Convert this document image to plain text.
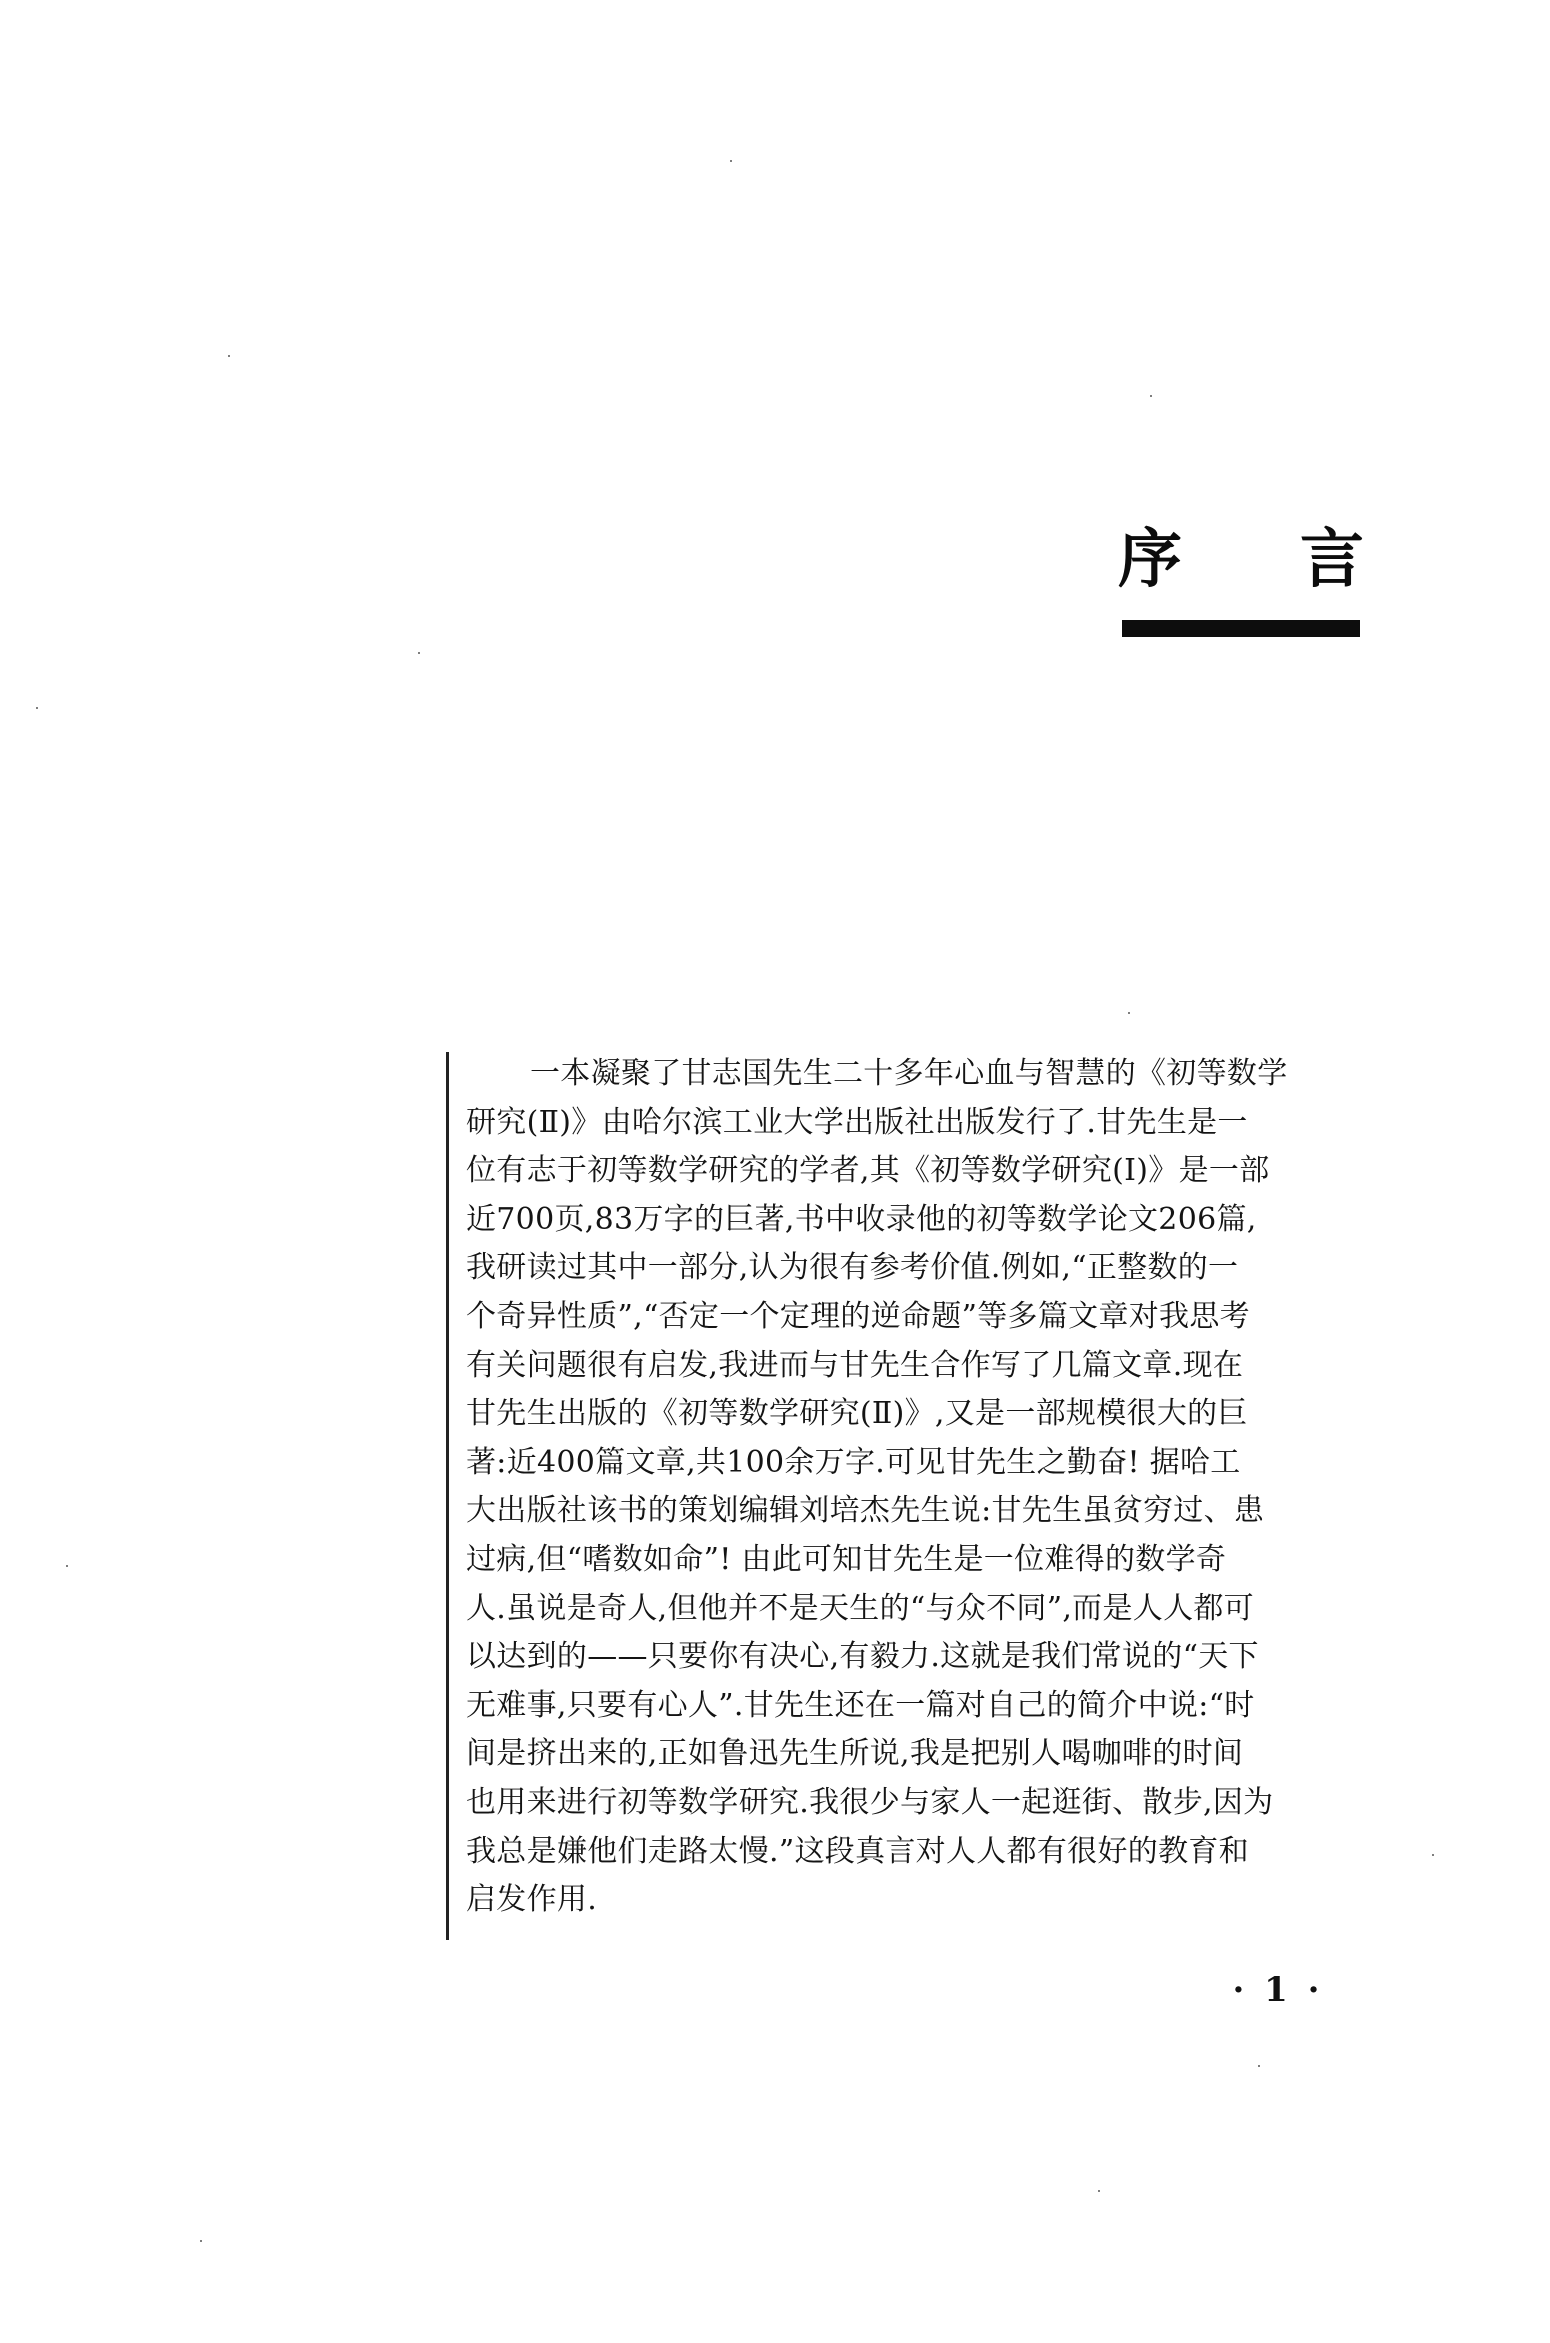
序 言
一本凝聚了甘志国先生二十多年心血与智慧的《初等数学
研究(Ⅱ)》由哈尔滨工业大学出版社出版发行了.甘先生是一
位有志于初等数学研究的学者,其《初等数学研究(Ⅰ)》是一部
近700页,83万字的巨著,书中收录他的初等数学论文206篇,
我研读过其中一部分,认为很有参考价值.例如,“正整数的一
个奇异性质”,“否定一个定理的逆命题”等多篇文章对我思考
有关问题很有启发,我进而与甘先生合作写了几篇文章.现在
甘先生出版的《初等数学研究(Ⅱ)》,又是一部规模很大的巨
著:近400篇文章,共100余万字.可见甘先生之勤奋! 据哈工
大出版社该书的策划编辑刘培杰先生说:甘先生虽贫穷过、患
过病,但“嗜数如命”! 由此可知甘先生是一位难得的数学奇
人.虽说是奇人,但他并不是天生的“与众不同”,而是人人都可
以达到的——只要你有决心,有毅力.这就是我们常说的“天下
无难事,只要有心人”.甘先生还在一篇对自己的简介中说:“时
间是挤出来的,正如鲁迅先生所说,我是把别人喝咖啡的时间
也用来进行初等数学研究.我很少与家人一起逛街、散步,因为
我总是嫌他们走路太慢.”这段真言对人人都有很好的教育和
启发作用.
· 1 ·
